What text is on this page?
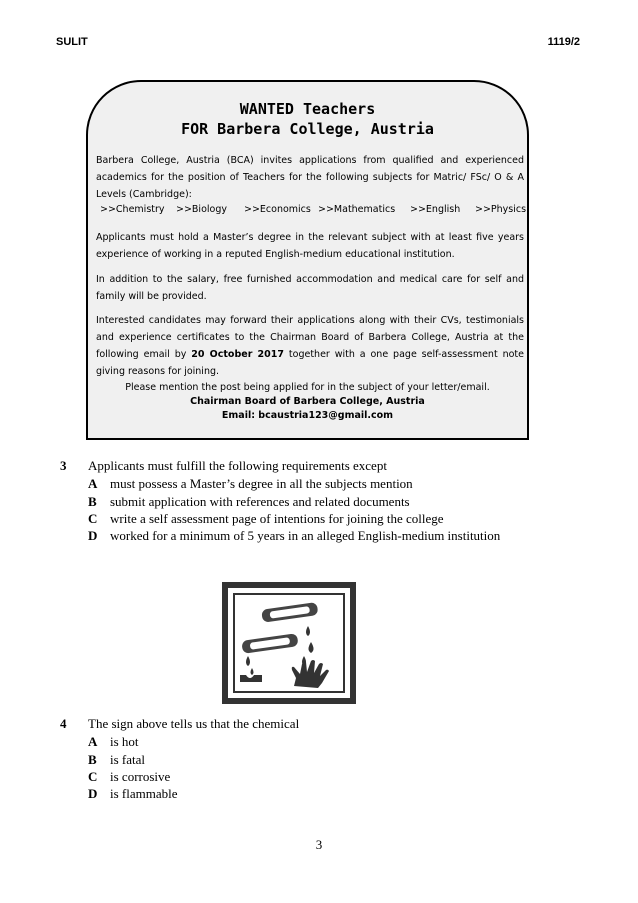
SULIT	1119/2
WANTED Teachers
FOR Barbera College, Austria
Barbera College, Austria (BCA) invites applications from qualified and experienced academics for the position of Teachers for the following subjects for Matric/ FSc/ O & A Levels (Cambridge):
>>Chemistry >>Biology >>Economics >>Mathematics >>English >>Physics
Applicants must hold a Master’s degree in the relevant subject with at least five years experience of working in a reputed English-medium educational institution.
In addition to the salary, free furnished accommodation and medical care for self and family will be provided.
Interested candidates may forward their applications along with their CVs, testimonials and experience certificates to the Chairman Board of Barbera College, Austria at the following email by 20 October 2017 together with a one page self-assessment note giving reasons for joining.
Please mention the post being applied for in the subject of your letter/email.
Chairman Board of Barbera College, Austria
Email: bcaustria123@gmail.com
3 Applicants must fulfill the following requirements except
A must possess a Master’s degree in all the subjects mention
B submit application with references and related documents
C write a self assessment page of intentions for joining the college
D worked for a minimum of 5 years in an alleged English-medium institution
4 The sign above tells us that the chemical
A is hot
B is fatal
C is corrosive
D is flammable
3
